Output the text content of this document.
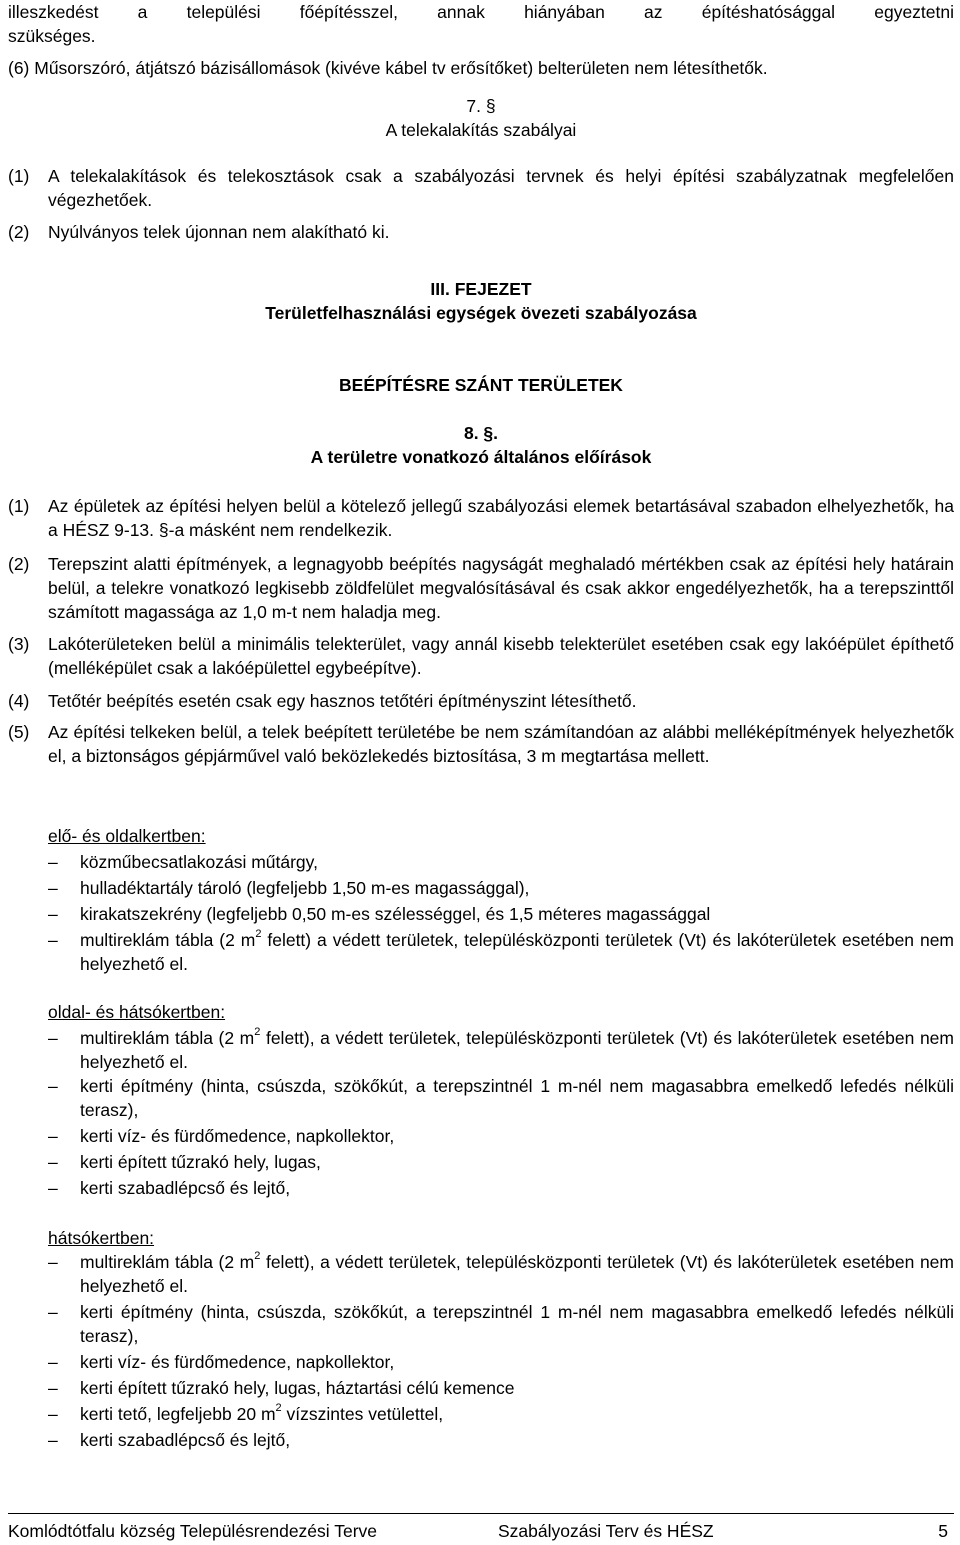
illeszkedést a települési főépítésszel, annak hiányában az építéshatósággal egyeztetni
szükséges.
(6) Műsorszóró, átjátszó bázisállomások (kivéve kábel tv erősítőket) belterületen nem létesíthetők.
7. §
A telekalakítás szabályai
(1) A telekalakítások és telekosztások csak a szabályozási tervnek és helyi építési szabályzatnak megfelelően végezhetőek.
(2) Nyúlványos telek újonnan nem alakítható ki.
III. FEJEZET
Területfelhasználási egységek övezeti szabályozása
BEÉPÍTÉSRE SZÁNT TERÜLETEK
8. §.
A területre vonatkozó általános előírások
(1) Az épületek az építési helyen belül a kötelező jellegű szabályozási elemek betartásával szabadon elhelyezhetők, ha a HÉSZ 9-13. §-a másként nem rendelkezik.
(2) Terepszint alatti építmények, a legnagyobb beépítés nagyságát meghaladó mértékben csak az építési hely határain belül, a telekre vonatkozó legkisebb zöldfelület megvalósításával és csak akkor engedélyezhetők, ha a terepszinttől számított magassága az 1,0 m-t nem haladja meg.
(3) Lakóterületeken belül a minimális telekterület, vagy annál kisebb telekterület esetében csak egy lakóépület építhető (melléképület csak a lakóépülettel egybeépítve).
(4) Tetőtér beépítés esetén csak egy hasznos tetőtéri építményszint létesíthető.
(5) Az építési telkeken belül, a telek beépített területébe be nem számítandóan az alábbi melléképítmények helyezhetők el, a biztonságos gépjárművel való beközlekedés biztosítása, 3 m megtartása mellett.
elő- és oldalkertben:
– közműbecsatlakozási műtárgy,
– hulladéktartály tároló (legfeljebb 1,50 m-es magassággal),
– kirakatszekrény (legfeljebb 0,50 m-es szélességgel, és 1,5 méteres magassággal
– multireklám tábla (2 $m^2$ felett) a védett területek, településközponti területek (Vt) és lakóterületek esetében nem helyezhető el.
oldal- és hátsókertben:
– multireklám tábla (2 $m^2$ felett), a védett területek, településközponti területek (Vt) és lakóterületek esetében nem helyezhető el.
– kerti építmény (hinta, csúszda, szökőkút, a terepszintnél 1 m-nél nem magasabbra emelkedő lefedés nélküli terasz),
– kerti víz- és fürdőmedence, napkollektor,
– kerti épített tűzrakó hely, lugas,
– kerti szabadlépcső és lejtő,
hátsókertben:
– multireklám tábla (2 $m^2$ felett), a védett területek, településközponti területek (Vt) és lakóterületek esetében nem helyezhető el.
– kerti építmény (hinta, csúszda, szökőkút, a terepszintnél 1 m-nél nem magasabbra emelkedő lefedés nélküli terasz),
– kerti víz- és fürdőmedence, napkollektor,
– kerti épített tűzrakó hely, lugas, háztartási célú kemence
– kerti tető, legfeljebb 20 $m^2$ vízszintes vetülettel,
– kerti szabadlépcső és lejtő,
Komlódtótfalu község Településrendezési Terve	Szabályozási Terv és HÉSZ	5
